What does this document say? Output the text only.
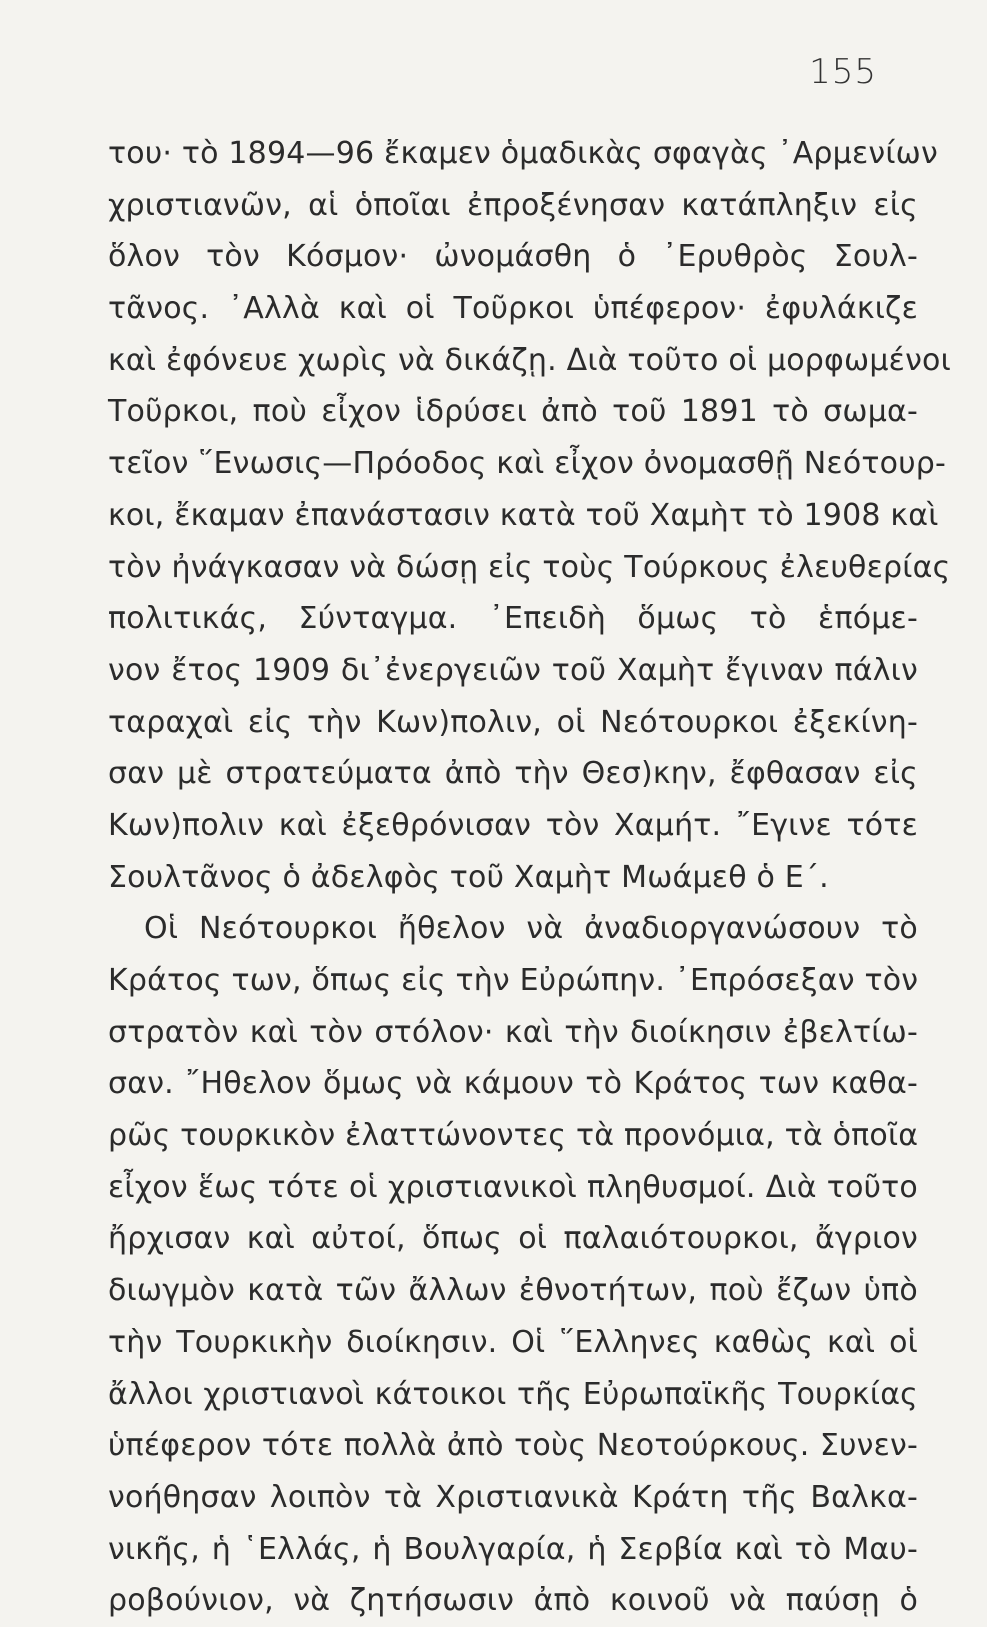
155
του· τὸ 1894—96 ἔκαμεν ὁμαδικὰς σφαγὰς ᾿Αρμενίων
χριστιανῶν, αἱ ὁποῖαι ἐπροξένησαν κατάπληξιν εἰς
ὅλον τὸν Κόσμον· ὠνομάσθη ὁ ᾿Ερυθρὸς Σουλ-
τᾶνος. ᾿Αλλὰ καὶ οἱ Τοῦρκοι ὑπέφερον· ἐφυλάκιζε
καὶ ἐφόνευε χωρὶς νὰ δικάζῃ. Διὰ τοῦτο οἱ μορφωμένοι
Τοῦρκοι, ποὺ εἶχον ἱδρύσει ἀπὸ τοῦ 1891 τὸ σωμα-
τεῖον ῞Ενωσις—Πρόοδος καὶ εἶχον ὀνομασθῇ Νεότουρ-
κοι, ἔκαμαν ἐπανάστασιν κατὰ τοῦ Χαμὴτ τὸ 1908 καὶ
τὸν ἠνάγκασαν νὰ δώσῃ εἰς τοὺς Τούρκους ἐλευθερίας
πολιτικάς, Σύνταγμα. ᾿Επειδὴ ὅμως τὸ ἑπόμε-
νον ἔτος 1909 δι᾿ἐνεργειῶν τοῦ Χαμὴτ ἔγιναν πάλιν
ταραχαὶ εἰς τὴν Κων)πολιν, οἱ Νεότουρκοι ἐξεκίνη-
σαν μὲ στρατεύματα ἀπὸ τὴν Θεσ)κην, ἔφθασαν εἰς
Κων)πολιν καὶ ἐξεθρόνισαν τὸν Χαμήτ. ῎Εγινε τότε
Σουλτᾶνος ὁ ἀδελφὸς τοῦ Χαμὴτ Μωάμεθ ὁ Ε΄.
Οἱ Νεότουρκοι ἤθελον νὰ ἀναδιοργανώσουν τὸ
Κράτος των, ὅπως εἰς τὴν Εὐρώπην. ᾿Επρόσεξαν τὸν
στρατὸν καὶ τὸν στόλον· καὶ τὴν διοίκησιν ἐβελτίω-
σαν. ῎Ηθελον ὅμως νὰ κάμουν τὸ Κράτος των καθα-
ρῶς τουρκικὸν ἐλαττώνοντες τὰ προνόμια, τὰ ὁποῖα
εἶχον ἕως τότε οἱ χριστιανικοὶ πληθυσμοί. Διὰ τοῦτο
ἤρχισαν καὶ αὐτοί, ὅπως οἱ παλαιότουρκοι, ἄγριον
διωγμὸν κατὰ τῶν ἄλλων ἐθνοτήτων, ποὺ ἔζων ὑπὸ
τὴν Τουρκικὴν διοίκησιν. Οἱ ῞Ελληνες καθὼς καὶ οἱ
ἄλλοι χριστιανοὶ κάτοικοι τῆς Εὐρωπαϊκῆς Τουρκίας
ὑπέφερον τότε πολλὰ ἀπὸ τοὺς Νεοτούρκους. Συνεν-
νοήθησαν λοιπὸν τὰ Χριστιανικὰ Κράτη τῆς Βαλκα-
νικῆς, ἡ ῾Ελλάς, ἡ Βουλγαρία, ἡ Σερβία καὶ τὸ Μαυ-
ροβούνιον, νὰ ζητήσωσιν ἀπὸ κοινοῦ νὰ παύσῃ ὁ
